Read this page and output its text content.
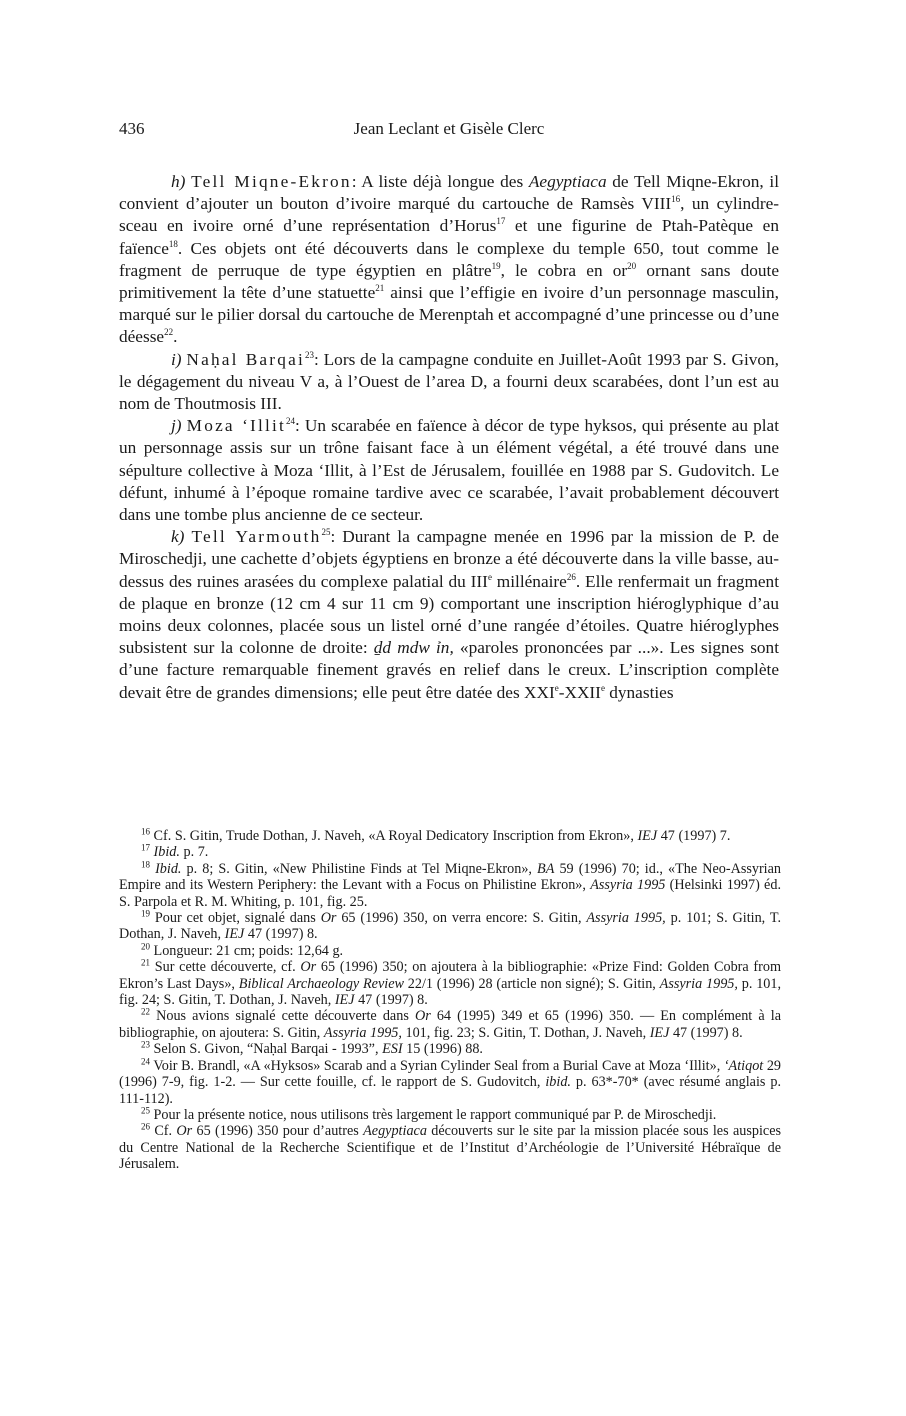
436	Jean Leclant et Gisèle Clerc

h) Tell Miqne-Ekron: A liste déjà longue des Aegyptiaca de Tell Miqne-Ekron, il convient d’ajouter un bouton d’ivoire marqué du cartouche de Ramsès VIII$^{16}$, un cylindre-sceau en ivoire orné d’une représentation d’Horus$^{17}$ et une figurine de Ptah-Patèque en faïence$^{18}$. Ces objets ont été découverts dans le complexe du temple 650, tout comme le fragment de perruque de type égyptien en plâtre$^{19}$, le cobra en $or^{20}$ ornant sans doute primitivement la tête d’une statuette$^{21}$ ainsi que l’effigie en ivoire d’un personnage masculin, marqué sur le pilier dorsal du cartouche de Merenptah et accompagné d’une princesse ou d’une déesse$^{22}$.

i) Naḥal Barqai$^{23}$: Lors de la campagne conduite en Juillet-Août 1993 par S. Givon, le dégagement du niveau V a, à l’Ouest de l’area D, a fourni deux scarabées, dont l’un est au nom de Thoutmosis III.

j) Moza ‘Illit$^{24}$: Un scarabée en faïence à décor de type hyksos, qui présente au plat un personnage assis sur un trône faisant face à un élément végétal, a été trouvé dans une sépulture collective à Moza ‘Illit, à l’Est de Jérusalem, fouillée en 1988 par S. Gudovitch. Le défunt, inhumé à l’époque romaine tardive avec ce scarabée, l’avait probablement découvert dans une tombe plus ancienne de ce secteur.

k) Tell Yarmouth$^{25}$: Durant la campagne menée en 1996 par la mission de P. de Miroschedji, une cachette d’objets égyptiens en bronze a été découverte dans la ville basse, au-dessus des ruines arasées du complexe palatial du IIIe millénaire$^{26}$. Elle renfermait un fragment de plaque en bronze (12 cm 4 sur 11 cm 9) comportant une inscription hiéroglyphique d’au moins deux colonnes, placée sous un listel orné d’une rangée d’étoiles. Quatre hiéroglyphes subsistent sur la colonne de droite: ḏd mdw ỉn, «paroles prononcées par ...». Les signes sont d’une facture remarquable finement gravés en relief dans le creux. L’inscription complète devait être de grandes dimensions; elle peut être datée des XXIe-XXIIe dynasties

$^{16}$ Cf. S. Gitin, Trude Dothan, J. Naveh, «A Royal Dedicatory Inscription from Ekron», IEJ 47 (1997) 7.

$^{17}$ Ibid. p. 7.

$^{18}$ Ibid. p. 8; S. Gitin, «New Philistine Finds at Tel Miqne-Ekron», BA 59 (1996) 70; id., «The Neo-Assyrian Empire and its Western Periphery: the Levant with a Focus on Philistine Ekron», Assyria 1995 (Helsinki 1997) éd. S. Parpola et R. M. Whiting, p. 101, fig. 25.

$^{19}$ Pour cet objet, signalé dans Or 65 (1996) 350, on verra encore: S. Gitin, Assyria 1995, p. 101; S. Gitin, T. Dothan, J. Naveh, IEJ 47 (1997) 8.

$^{20}$ Longueur: 21 cm; poids: 12,64 g.

$^{21}$ Sur cette découverte, cf. Or 65 (1996) 350; on ajoutera à la bibliographie: «Prize Find: Golden Cobra from Ekron’s Last Days», Biblical Archaeology Review 22/1 (1996) 28 (article non signé); S. Gitin, Assyria 1995, p. 101, fig. 24; S. Gitin, T. Dothan, J. Naveh, IEJ 47 (1997) 8.

$^{22}$ Nous avions signalé cette découverte dans Or 64 (1995) 349 et 65 (1996) 350. — En complément à la bibliographie, on ajoutera: S. Gitin, Assyria 1995, 101, fig. 23; S. Gitin, T. Dothan, J. Naveh, IEJ 47 (1997) 8.

$^{23}$ Selon S. Givon, “Naḥal Barqai - 1993”, ESI 15 (1996) 88.

$^{24}$ Voir B. Brandl, «A «Hyksos» Scarab and a Syrian Cylinder Seal from a Burial Cave at Moza ‘Illit», ‘Atiqot 29 (1996) 7-9, fig. 1-2. — Sur cette fouille, cf. le rapport de S. Gudovitch, ibid. p. 63*-70* (avec résumé anglais p. 111-112).

$^{25}$ Pour la présente notice, nous utilisons très largement le rapport communiqué par P. de Miroschedji.

$^{26}$ Cf. Or 65 (1996) 350 pour d’autres Aegyptiaca découverts sur le site par la mission placée sous les auspices du Centre National de la Recherche Scientifique et de l’Institut d’Archéologie de l’Université Hébraïque de Jérusalem.
